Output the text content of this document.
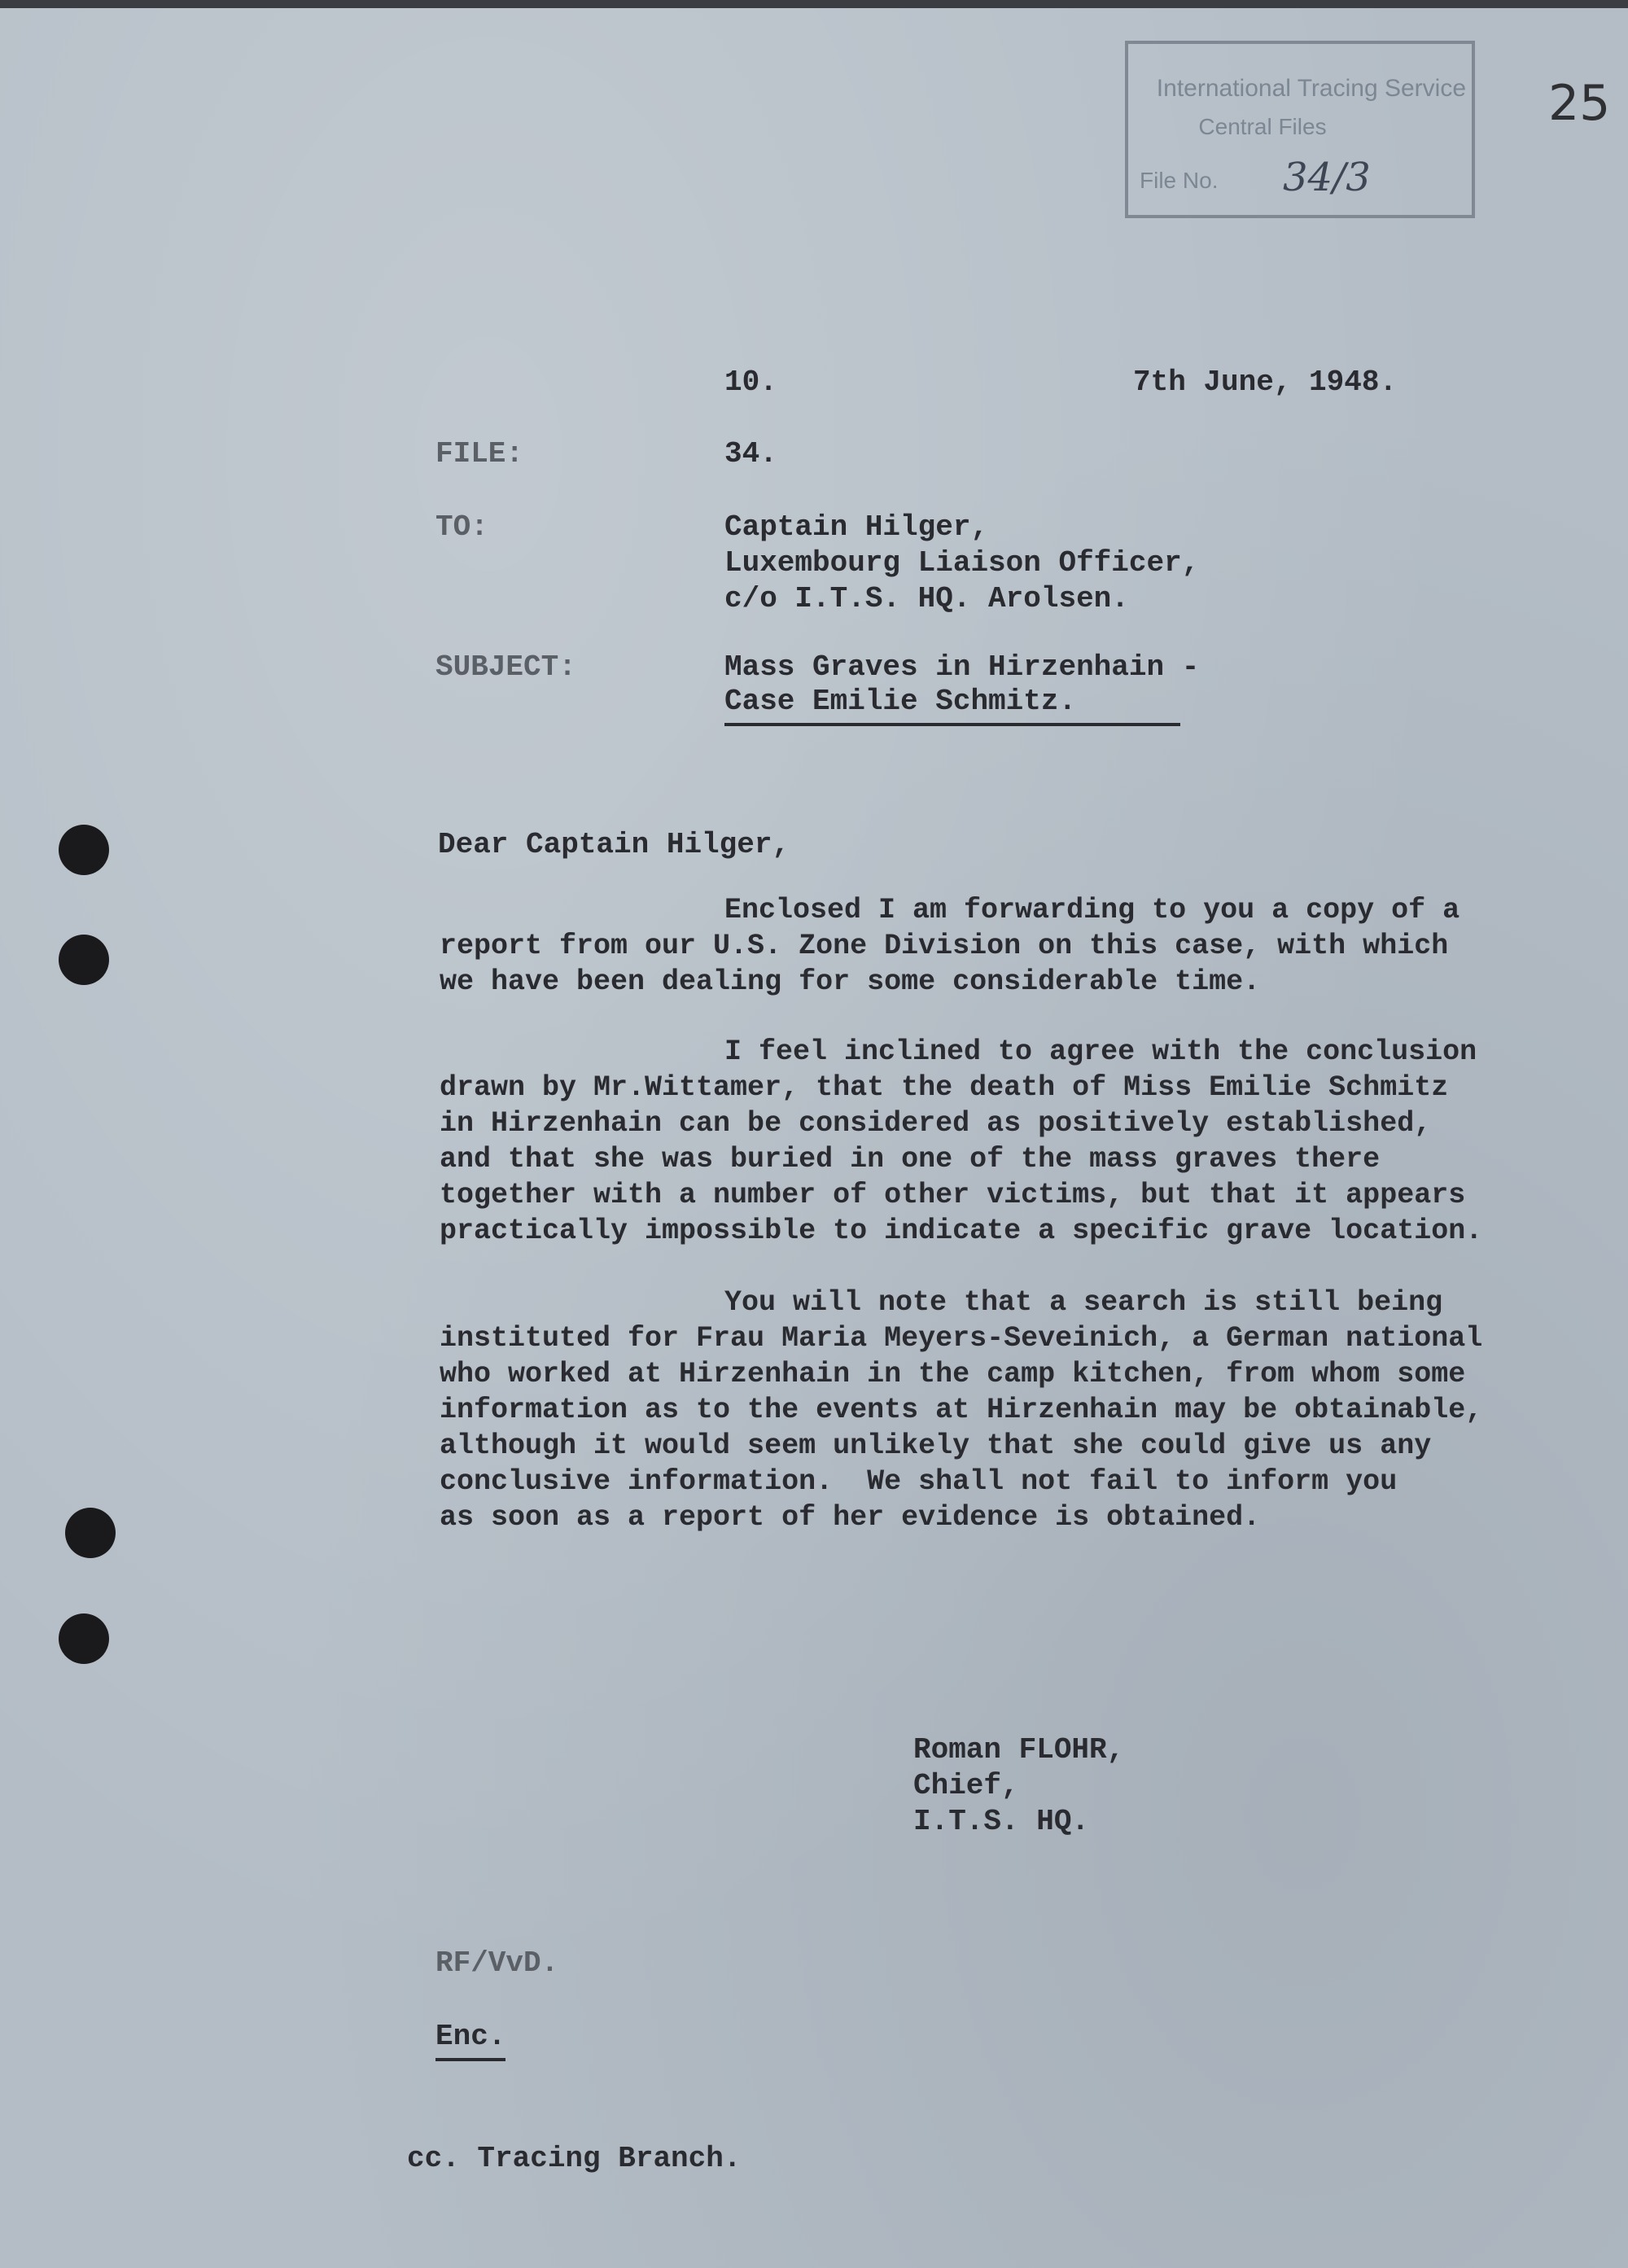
International Tracing Service
Central Files
File No. 34/3
25
10.	7th June, 1948.
FILE:	34.
TO:	Captain Hilger,
Luxembourg Liaison Officer,
c/o I.T.S. HQ. Arolsen.
SUBJECT:	Mass Graves in Hirzenhain -
Case Emilie Schmitz.
Dear Captain Hilger,
Enclosed I am forwarding to you a copy of a
report from our U.S. Zone Division on this case, with which
we have been dealing for some considerable time.
I feel inclined to agree with the conclusion
drawn by Mr.Wittamer, that the death of Miss Emilie Schmitz
in Hirzenhain can be considered as positively established,
and that she was buried in one of the mass graves there
together with a number of other victims, but that it appears
practically impossible to indicate a specific grave location.
You will note that a search is still being
instituted for Frau Maria Meyers-Seveinich, a German national
who worked at Hirzenhain in the camp kitchen, from whom some
information as to the events at Hirzenhain may be obtainable,
although it would seem unlikely that she could give us any
conclusive information.  We shall not fail to inform you
as soon as a report of her evidence is obtained.
Roman FLOHR,
Chief,
I.T.S. HQ.
RF/VvD.
Enc.
cc. Tracing Branch.
